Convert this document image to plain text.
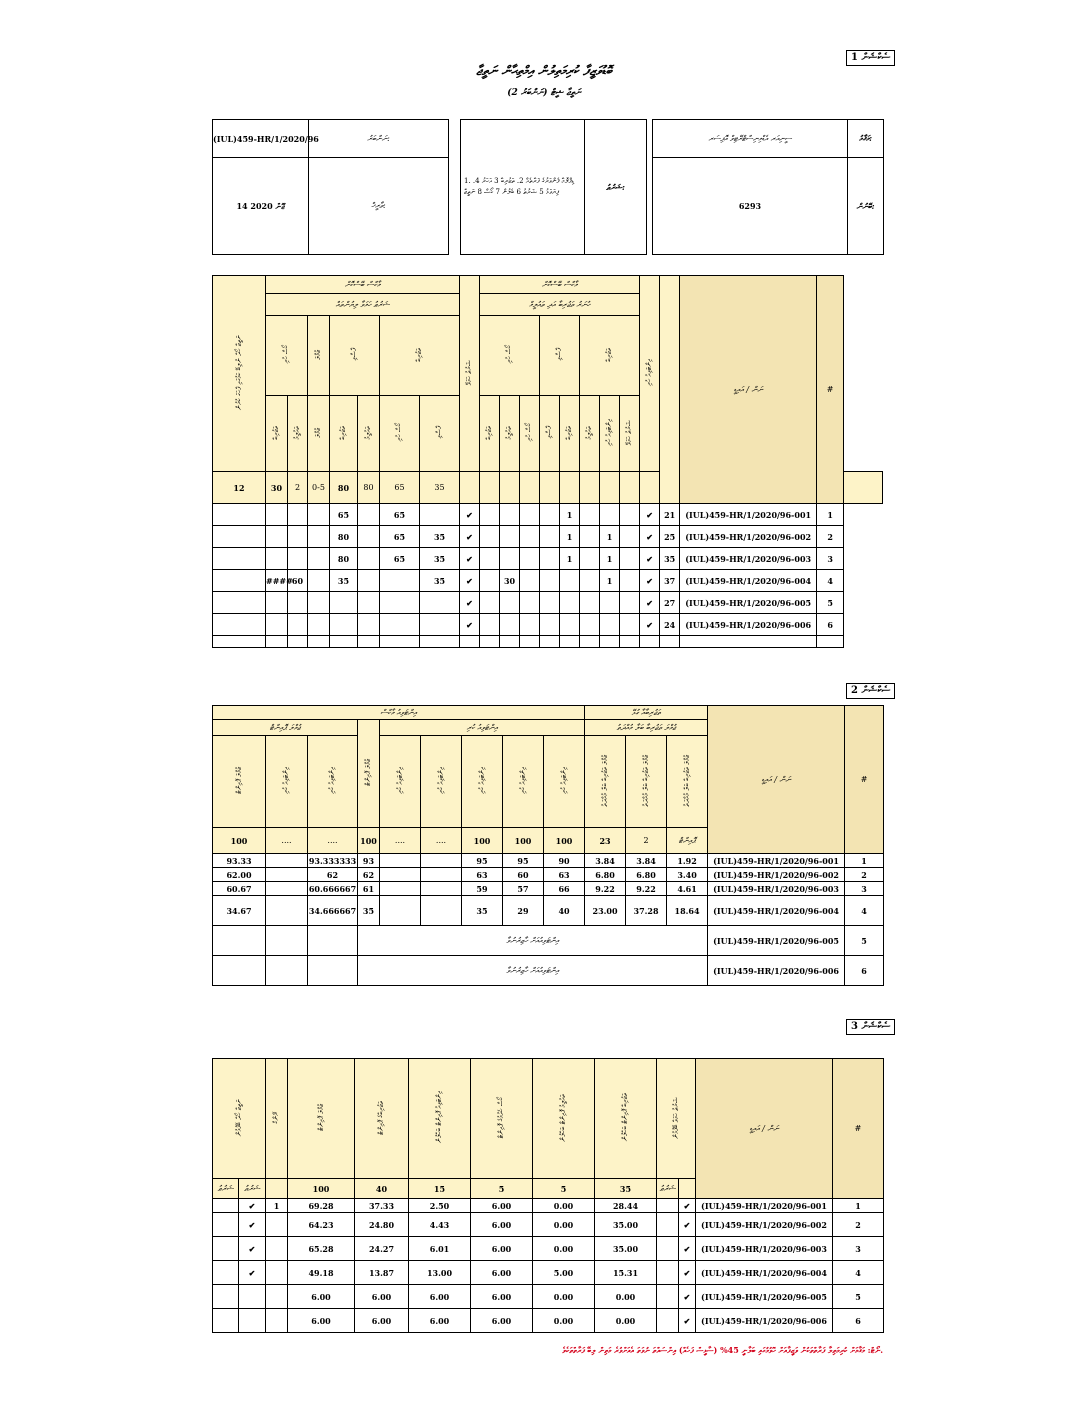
ސެކްޝަން 1
ބޮޑުވަޒީފާ ކުރިމަތިލުން އިމްތިޙާން ނަތީޖާ
ނަތީޖާ ޝީޓް (ނަންބަރު 2)
(IUL)459-HR/1/2020/96	ނަންބަރު:
14 ޖޫން 2020	ތާރީޚް:
1. ޑިޕްލޮމާ ފެންވަރުގެ ފަރާތެއް 2. ތަޖުރިބާ 3 އަހަރު 4. ފިޔަވަޅު 5 ޝަރުޠު 6 ބެލުން 7 ކޯސް 8 ނަތީޖާ	ޝަރުޠު:
ސީނިއަރ އެޑްމިނިސްޓްރޭޓިވް އޮފިސަރ	މަޤާމު:
6293	ބޭނުން:
ނަތީޖާ ހޯދާ ނުލިބޭ ކަމުގައި ފާހަގަ ކުރުން	މާކްސް ބޭސްކޮށް							ޝަރުޠު ހަމަވޭ	މާކްސް ބޭސްކޮށް								އިންޓަވިއު ހުރި		ނަން / އައިޑީ	#	
	ޝަރުޠު ހަމަވާ ލިޔުންތައް								ހުނަރު ތަޖުރިބާ އަދި ތައުލީމް												
	ކޯސް ހުރި		ޖުމްލަ	ފާސްވި		ތަޖުރިބާ			ކޯސް ހުރި			ފާސްވި		ތަޖުރިބާ							
	ތަޖުރިބާ	ތައުލީމު	ޖުމްލަ	ތަޖުރިބާ	ތައުލީމު	ކޯސް ހުރި	ފާސްވި		ތަޖުރިބާ	ތައުލީމު	ކޯސް ހުރި	ފާސްވި	ތަޖުރިބާ	ތައުލީމު	އިންޓަވިއު ހުރި	ޝަރުޠު ހަމަވޭ					
12	30	2	0-5	80	80	65	35														
				65		65		✔					1				✔	21	(IUL)459-HR/1/2020/96-001	1	
				80		65	35	✔					1		1		✔	25	(IUL)459-HR/1/2020/96-002	2	
				80		65	35	✔					1		1		✔	35	(IUL)459-HR/1/2020/96-003	3	
	####	60		35			35	✔		30					1		✔	37	(IUL)459-HR/1/2020/96-004	4	
								✔									✔	27	(IUL)459-HR/1/2020/96-005	5	
								✔									✔	24	(IUL)459-HR/1/2020/96-006	6	

ސެކްޝަން 2
އިންޓަވިއު މާކްސް									ތަޖުރިބާއާ ގުޅޭ			ނަން / އައިޑީ	#
ޖުމްލަ ޕޮއިންޓް			ޖުމްލަ ޕޮއިންޓް	އިންޓަވިއު ކުރި					ޖުމްލަ ތަޖުރިބާ ބަލާ މުއްދަތު				
ޖުމްލަ ޕޮއިންޓް	އިންޓަވިއު ކުރި	އިންޓަވިއު ކުރި		އިންޓަވިއު ކުރި	އިންޓަވިއު ކުރި	އިންޓަވިއު ކުރި	އިންޓަވިއު ކުރި	އިންޓަވިއު ކުރި	ޖުމްލަ ތަޖުރިބާ ބަލާ މުއްދަތު	ޖުމްލަ ތަޖުރިބާ ބަލާ މުއްދަތު	ޖުމްލަ ތަޖުރިބާ ބަލާ މުއްދަތު		
100	....	....	100	....	....	100	100	100	23	2	ޕޮއިންޓް		
93.33		93.333333	93			95	95	90	3.84	3.84	1.92	(IUL)459-HR/1/2020/96-001	1
62.00		62	62			63	60	63	6.80	6.80	3.40	(IUL)459-HR/1/2020/96-002	2
60.67		60.666667	61			59	57	66	9.22	9.22	4.61	(IUL)459-HR/1/2020/96-003	3
34.67		34.666667	35			35	29	40	23.00	37.28	18.64	(IUL)459-HR/1/2020/96-004	4
			އިންޓަވިއުއަށް ހާޒިރުނުވާ									(IUL)459-HR/1/2020/96-005	5
			އިންޓަވިއުއަށް ހާޒިރުނުވާ									(IUL)459-HR/1/2020/96-006	6
ސެކްޝަން 3
ނަތީޖާ ހޯދާ ބޭފުޅުން		ރޭންކް	ޖުމްލަ ޕޮއިންޓް	ތަޖުރިބާގެ ޕޮއިންޓް	އިންޓަވިއު ޕޮއިންޓް ބަހާލުން	ކޯސް ހެދުމުގެ ޕޮއިންޓް	ތައުލީމު ޕޮއިންޓް ބަހާލުން	ތަޖުރިބާ ޕޮއިންޓް ބަހާލުން	ޝަރުޠު ހަމަވާ ބޭފުޅުން		ނަން / އައިޑީ	#
ޝަރުޠު	ޝަރުޠު		100	40	15	5	5	35	ޝަރުޠު			
	✔	1	69.28	37.33	2.50	6.00	0.00	28.44		✔	(IUL)459-HR/1/2020/96-001	1
	✔		64.23	24.80	4.43	6.00	0.00	35.00		✔	(IUL)459-HR/1/2020/96-002	2
	✔		65.28	24.27	6.01	6.00	0.00	35.00		✔	(IUL)459-HR/1/2020/96-003	3
	✔		49.18	13.87	13.00	6.00	5.00	15.31		✔	(IUL)459-HR/1/2020/96-004	4
			6.00	6.00	6.00	6.00	0.00	0.00		✔	(IUL)459-HR/1/2020/96-005	5
			6.00	6.00	6.00	6.00	0.00	0.00		✔	(IUL)459-HR/1/2020/96-006	6
ނޯޓް: މަޤާމަށް ކުރިމަތިލާ ފަރާތްތަކުން ވަޒީފާއަށް ހޮވުމުގައި ބަލާނީ 45% (ސާޅީސް ފަހެއް) އިންސައްތަ ނުވަތަ އެއަށްވުރެ މަތިން ލިބޭ ފަރާތްތަކެވެ.
